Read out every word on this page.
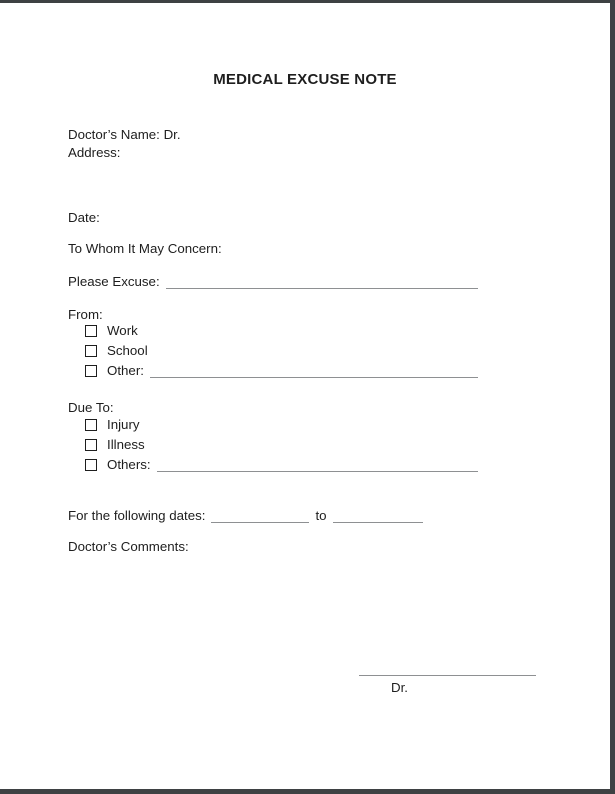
MEDICAL EXCUSE NOTE
Doctor’s Name: Dr.
Address:
Date:
To Whom It May Concern:
Please Excuse:
From:
Work
School
Other:
Due To:
Injury
Illness
Others:
For the following dates:	to
Doctor’s Comments:
Dr.
